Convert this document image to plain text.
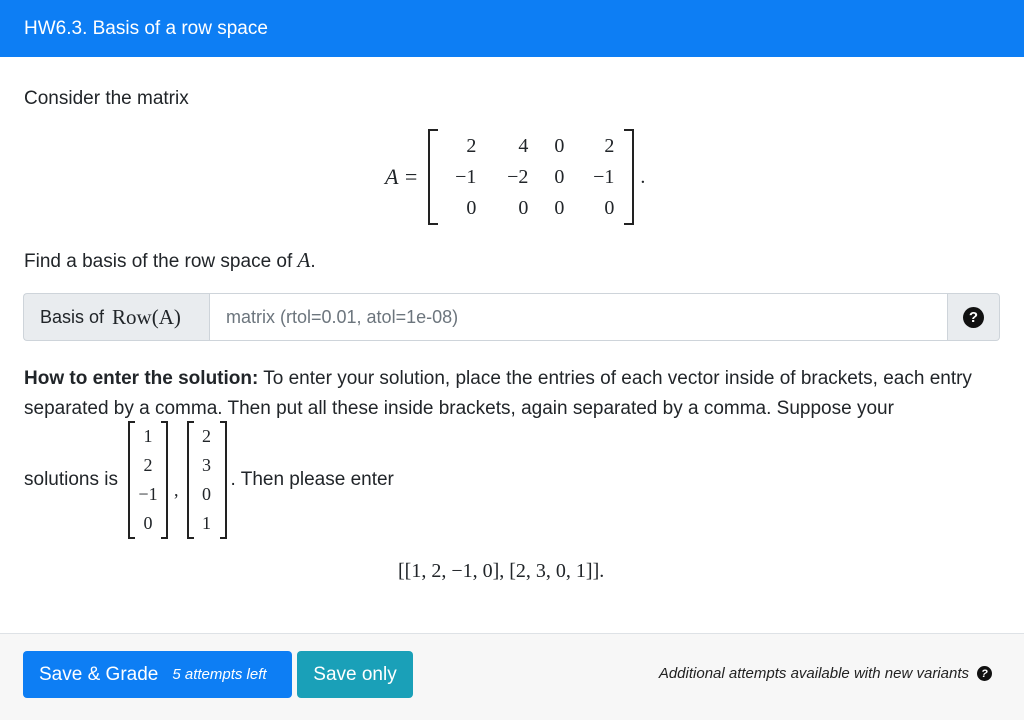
HW6.3. Basis of a row space
Consider the matrix
A =
2	4	0	2
−1	−2	0	−1
0	0	0	0
.
Find a basis of the row space of A.
Basis of Row(A)
matrix (rtol=0.01, atol=1e-08)	?
How to enter the solution: To enter your solution, place the entries of each vector inside of brackets, each entry separated by a comma. Then put all these inside brackets, again separated by a comma. Suppose your
solutions is
1
2
−1
0
,
2
3
0
1
. Then please enter
[[1, 2, −1, 0], [2, 3, 0, 1]].
Save & Grade 5 attempts left	Save only	Additional attempts available with new variants	?
